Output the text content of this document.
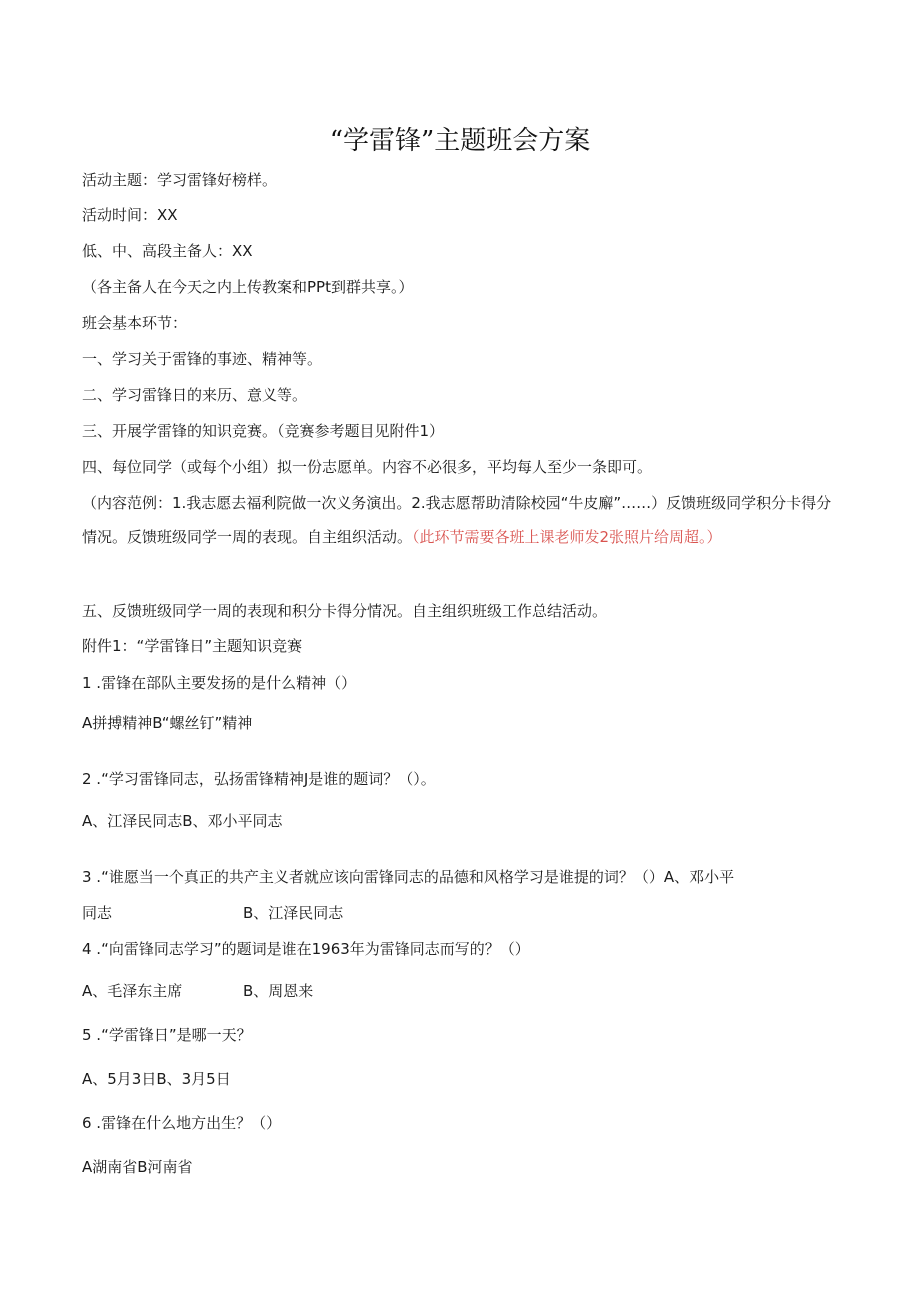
“学雷锋”主题班会方案
活动主题：学习雷锋好榜样。
活动时间：XX
低、中、高段主备人：XX
（各主备人在今天之内上传教案和PPt到群共享。）
班会基本环节：
一、学习关于雷锋的事迹、精神等。
二、学习雷锋日的来历、意义等。
三、开展学雷锋的知识竞赛。（竞赛参考题目见附件1）
四、每位同学（或每个小组）拟一份志愿单。内容不必很多，平均每人至少一条即可。
（内容范例：1.我志愿去福利院做一次义务演出。2.我志愿帮助清除校园“牛皮廨”……）反馈班级同学积分卡得分情况。反馈班级同学一周的表现。自主组织活动。（此环节需要各班上课老师发2张照片给周超。）
五、反馈班级同学一周的表现和积分卡得分情况。自主组织班级工作总结活动。
附件1：“学雷锋日”主题知识竞赛
1 .雷锋在部队主要发扬的是什么精神（）
A拼搏精神B“螺丝钉”精神
2 .“学习雷锋同志，弘扬雷锋精神J是谁的题词？（）。
A、江泽民同志B、邓小平同志
3 .“谁愿当一个真正的共产主义者就应该向雷锋同志的品德和风格学习是谁提的词？（）A、邓小平
同志	B、江泽民同志
4 .“向雷锋同志学习”的题词是谁在1963年为雷锋同志而写的？（）
A、毛泽东主席	B、周恩来
5 .“学雷锋日”是哪一天？
A、5月3日B、3月5日
6 .雷锋在什么地方出生？（）
A湖南省B河南省
